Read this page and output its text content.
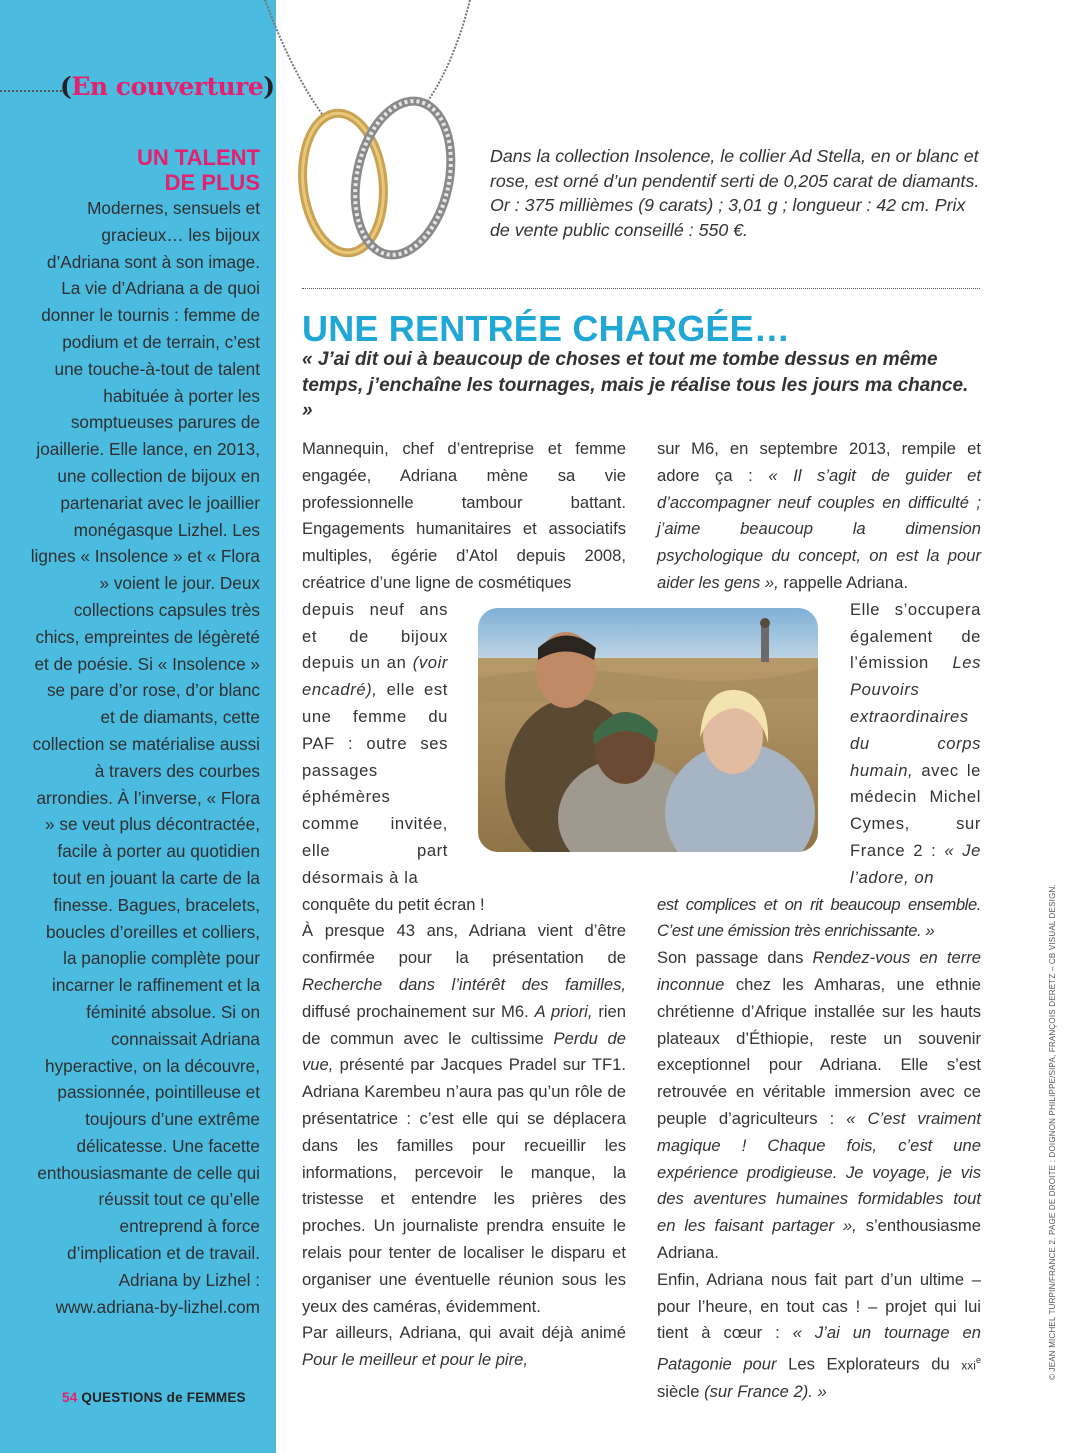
(En couverture)
UN TALENT
DE PLUS

Modernes, sensuels et gracieux… les bijoux d’Adriana sont à son image. La vie d’Adriana a de quoi donner le tournis : femme de podium et de terrain, c’est une touche-à-tout de talent habituée à porter les somptueuses parures de joaillerie. Elle lance, en 2013, une collection de bijoux en partenariat avec le joaillier monégasque Lizhel. Les lignes « Insolence » et « Flora » voient le jour. Deux collections capsules très chics, empreintes de légèreté et de poésie. Si « Insolence » se pare d’or rose, d’or blanc et de diamants, cette collection se matérialise aussi à travers des courbes arrondies. À l’inverse, « Flora » se veut plus décontractée, facile à porter au quotidien tout en jouant la carte de la finesse. Bagues, bracelets, boucles d’oreilles et colliers, la panoplie complète pour incarner le raffinement et la féminité absolue. Si on connaissait Adriana hyperactive, on la découvre, passionnée, pointilleuse et toujours d’une extrême délicatesse. Une facette enthousiasmante de celle qui réussit tout ce qu’elle entreprend à force d’implication et de travail.

Adriana by Lizhel :

www.adriana-by-lizhel.com

54 QUESTIONS de FEMMES
Dans la collection Insolence, le collier Ad Stella, en or blanc et rose, est orné d’un pendentif serti de 0,205 carat de diamants. Or : 375 millièmes (9 carats) ; 3,01 g ; longueur : 42 cm. Prix de vente public conseillé : 550 €.
UNE RENTRÉE CHARGÉE…

« J’ai dit oui à beaucoup de choses et tout me tombe dessus en même temps, j’enchaîne les tournages, mais je réalise tous les jours ma chance. »

Mannequin, chef d’entreprise et femme engagée, Adriana mène sa vie professionnelle tambour battant. Engagements humanitaires et associatifs multiples, égérie d’Atol depuis 2008, créatrice d’une ligne de cosmétiques

depuis neuf ans et de bijoux depuis un an (voir encadré), elle est une femme du PAF : outre ses passages éphémères comme invitée, elle part désormais à la

conquête du petit écran !

À presque 43 ans, Adriana vient d’être confirmée pour la présentation de Recherche dans l’intérêt des familles, diffusé prochainement sur M6. A priori, rien de commun avec le cultissime Perdu de vue, présenté par Jacques Pradel sur TF1. Adriana Karembeu n’aura pas qu’un rôle de présentatrice : c’est elle qui se déplacera dans les familles pour recueillir les informations, percevoir le manque, la tristesse et entendre les prières des proches. Un journaliste prendra ensuite le relais pour tenter de localiser le disparu et organiser une éventuelle réunion sous les yeux des caméras, évidemment.

Par ailleurs, Adriana, qui avait déjà animé Pour le meilleur et pour le pire,

sur M6, en septembre 2013, rempile et adore ça : « Il s’agit de guider et d’accompagner neuf couples en difficulté ; j’aime beaucoup la dimension psychologique du concept, on est la pour aider les gens », rappelle Adriana.

Elle s’occupera également de l’émission Les Pouvoirs extraordinaires du corps humain, avec le médecin Michel Cymes, sur France 2 : « Je l’adore, on

est complices et on rit beaucoup ensemble. C’est une émission très enrichissante. »

Son passage dans Rendez-vous en terre inconnue chez les Amharas, une ethnie chrétienne d’Afrique installée sur les hauts plateaux d’Éthiopie, reste un souvenir exceptionnel pour Adriana. Elle s’est retrouvée en véritable immersion avec ce peuple d’agriculteurs : « C’est vraiment magique ! Chaque fois, c’est une expérience prodigieuse. Je voyage, je vis des aventures humaines formidables tout en les faisant partager », s’enthousiasme Adriana.

Enfin, Adriana nous fait part d’un ultime – pour l’heure, en tout cas ! – projet qui lui tient à cœur : « J’ai un tournage en Patagonie pour Les Explorateurs du xxi$^e$ siècle (sur France 2). »

© JEAN MICHEL TURPIN/FRANCE 2. PAGE DE DROITE : DOIGNON PHILIPPE/SIPA, FRANÇOIS DERETZ – CB VISUAL DESIGN.
